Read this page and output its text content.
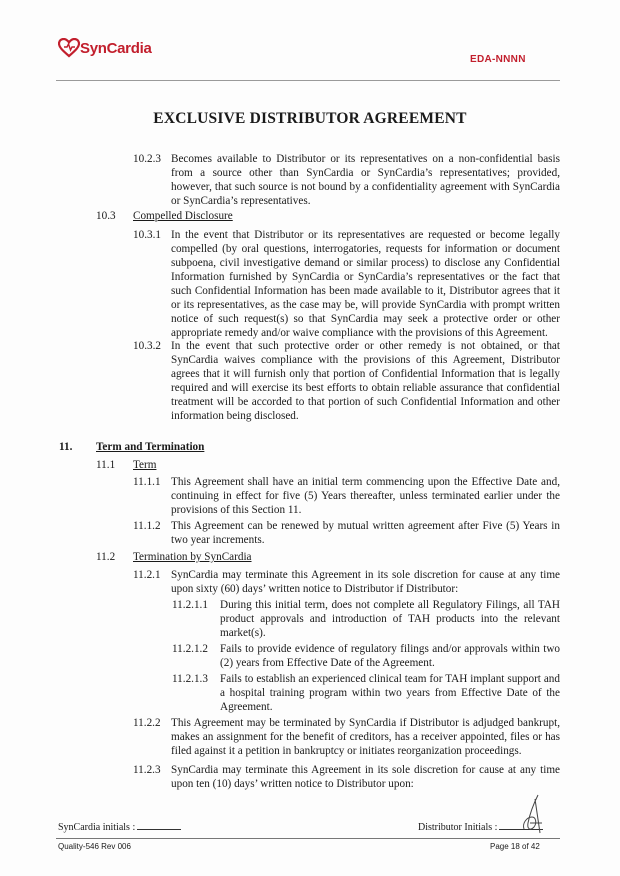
SynCardia
EDA-NNNN
EXCLUSIVE DISTRIBUTOR AGREEMENT
10.2.3 Becomes available to Distributor or its representatives on a non-confidential basis from a source other than SynCardia or SynCardia’s representatives; provided, however, that such source is not bound by a confidentiality agreement with SynCardia or SynCardia’s representatives.
10.3 Compelled Disclosure
10.3.1 In the event that Distributor or its representatives are requested or become legally compelled (by oral questions, interrogatories, requests for information or document subpoena, civil investigative demand or similar process) to disclose any Confidential Information furnished by SynCardia or SynCardia’s representatives or the fact that such Confidential Information has been made available to it, Distributor agrees that it or its representatives, as the case may be, will provide SynCardia with prompt written notice of such request(s) so that SynCardia may seek a protective order or other appropriate remedy and/or waive compliance with the provisions of this Agreement.
10.3.2 In the event that such protective order or other remedy is not obtained, or that SynCardia waives compliance with the provisions of this Agreement, Distributor agrees that it will furnish only that portion of Confidential Information that is legally required and will exercise its best efforts to obtain reliable assurance that confidential treatment will be accorded to that portion of such Confidential Information and other information being disclosed.
11. Term and Termination
11.1 Term
11.1.1 This Agreement shall have an initial term commencing upon the Effective Date and, continuing in effect for five (5) Years thereafter, unless terminated earlier under the provisions of this Section 11.
11.1.2 This Agreement can be renewed by mutual written agreement after Five (5) Years in two year increments.
11.2 Termination by SynCardia
11.2.1 SynCardia may terminate this Agreement in its sole discretion for cause at any time upon sixty (60) days’ written notice to Distributor if Distributor:
11.2.1.1 During this initial term, does not complete all Regulatory Filings, all TAH product approvals and introduction of TAH products into the relevant market(s).
11.2.1.2 Fails to provide evidence of regulatory filings and/or approvals within two (2) years from Effective Date of the Agreement.
11.2.1.3 Fails to establish an experienced clinical team for TAH implant support and a hospital training program within two years from Effective Date of the Agreement.
11.2.2 This Agreement may be terminated by SynCardia if Distributor is adjudged bankrupt, makes an assignment for the benefit of creditors, has a receiver appointed, files or has filed against it a petition in bankruptcy or initiates reorganization proceedings.
11.2.3 SynCardia may terminate this Agreement in its sole discretion for cause at any time upon ten (10) days’ written notice to Distributor upon:
SynCardia initials :	Distributor Initials :
Quality-546 Rev 006	Page 18 of 42
